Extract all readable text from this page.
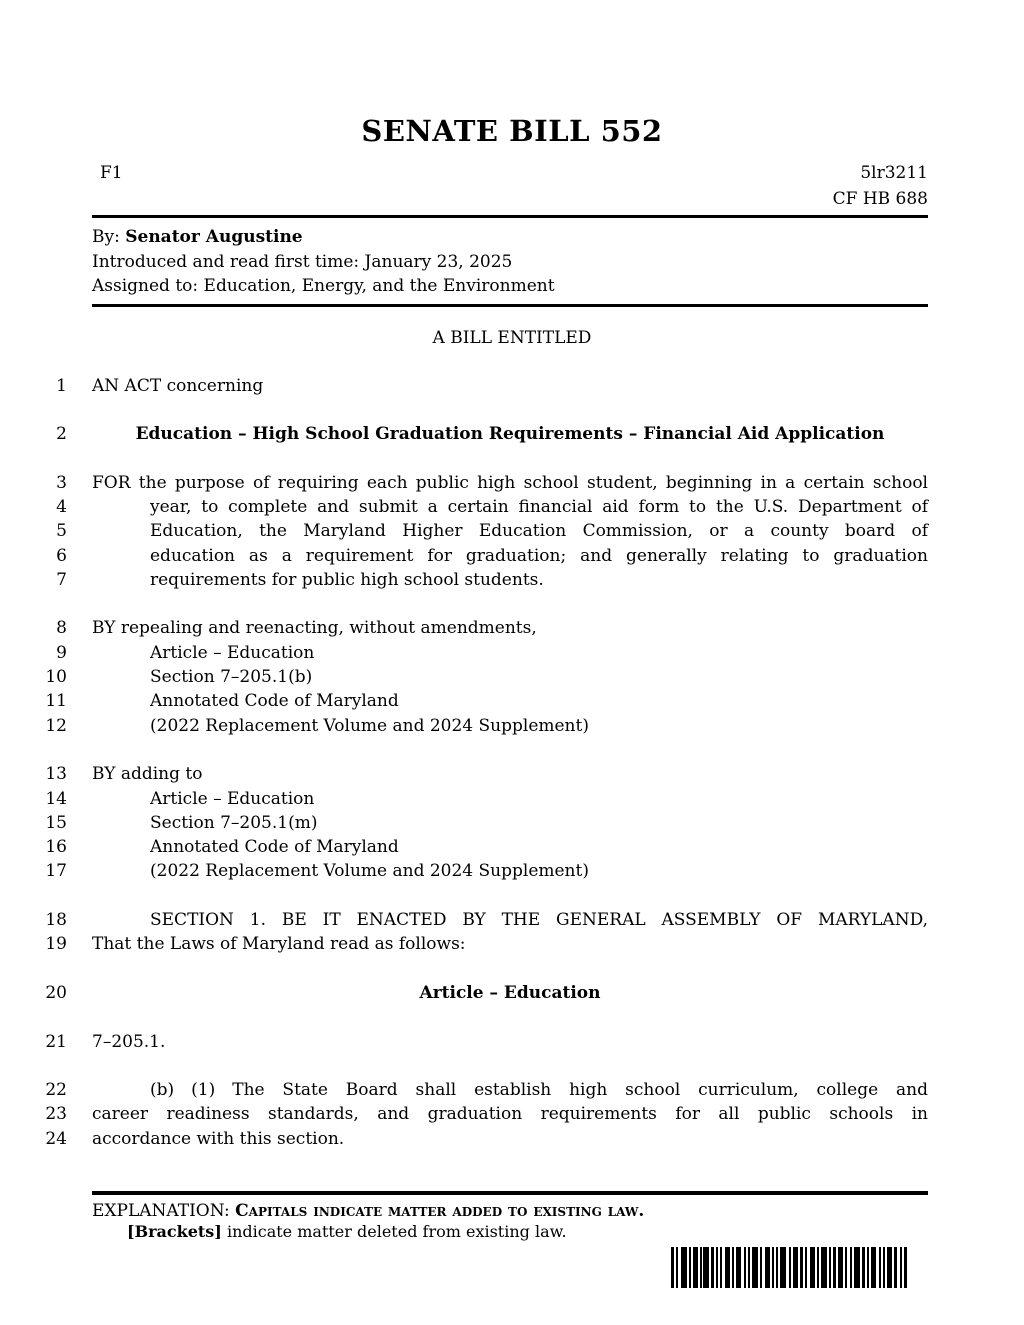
SENATE BILL 552
F1	5lr3211
CF HB 688
By: Senator Augustine
Introduced and read first time: January 23, 2025
Assigned to: Education, Energy, and the Environment
A BILL ENTITLED
1 AN ACT concerning
2	Education – High School Graduation Requirements – Financial Aid Application
3 FOR the purpose of requiring each public high school student, beginning in a certain school
4	year, to complete and submit a certain financial aid form to the U.S. Department of
5	Education, the Maryland Higher Education Commission, or a county board of
6	education as a requirement for graduation; and generally relating to graduation
7	requirements for public high school students.
8 BY repealing and reenacting, without amendments,
9	Article – Education
10	Section 7–205.1(b)
11	Annotated Code of Maryland
12	(2022 Replacement Volume and 2024 Supplement)
13 BY adding to
14	Article – Education
15	Section 7–205.1(m)
16	Annotated Code of Maryland
17	(2022 Replacement Volume and 2024 Supplement)
18	SECTION 1. BE IT ENACTED BY THE GENERAL ASSEMBLY OF MARYLAND,
19 That the Laws of Maryland read as follows:
20	Article – Education
21 7–205.1.
22	(b) (1) The State Board shall establish high school curriculum, college and
23 career readiness standards, and graduation requirements for all public schools in
24 accordance with this section.
EXPLANATION: Capitals indicate matter added to existing law.
[Brackets] indicate matter deleted from existing law.
